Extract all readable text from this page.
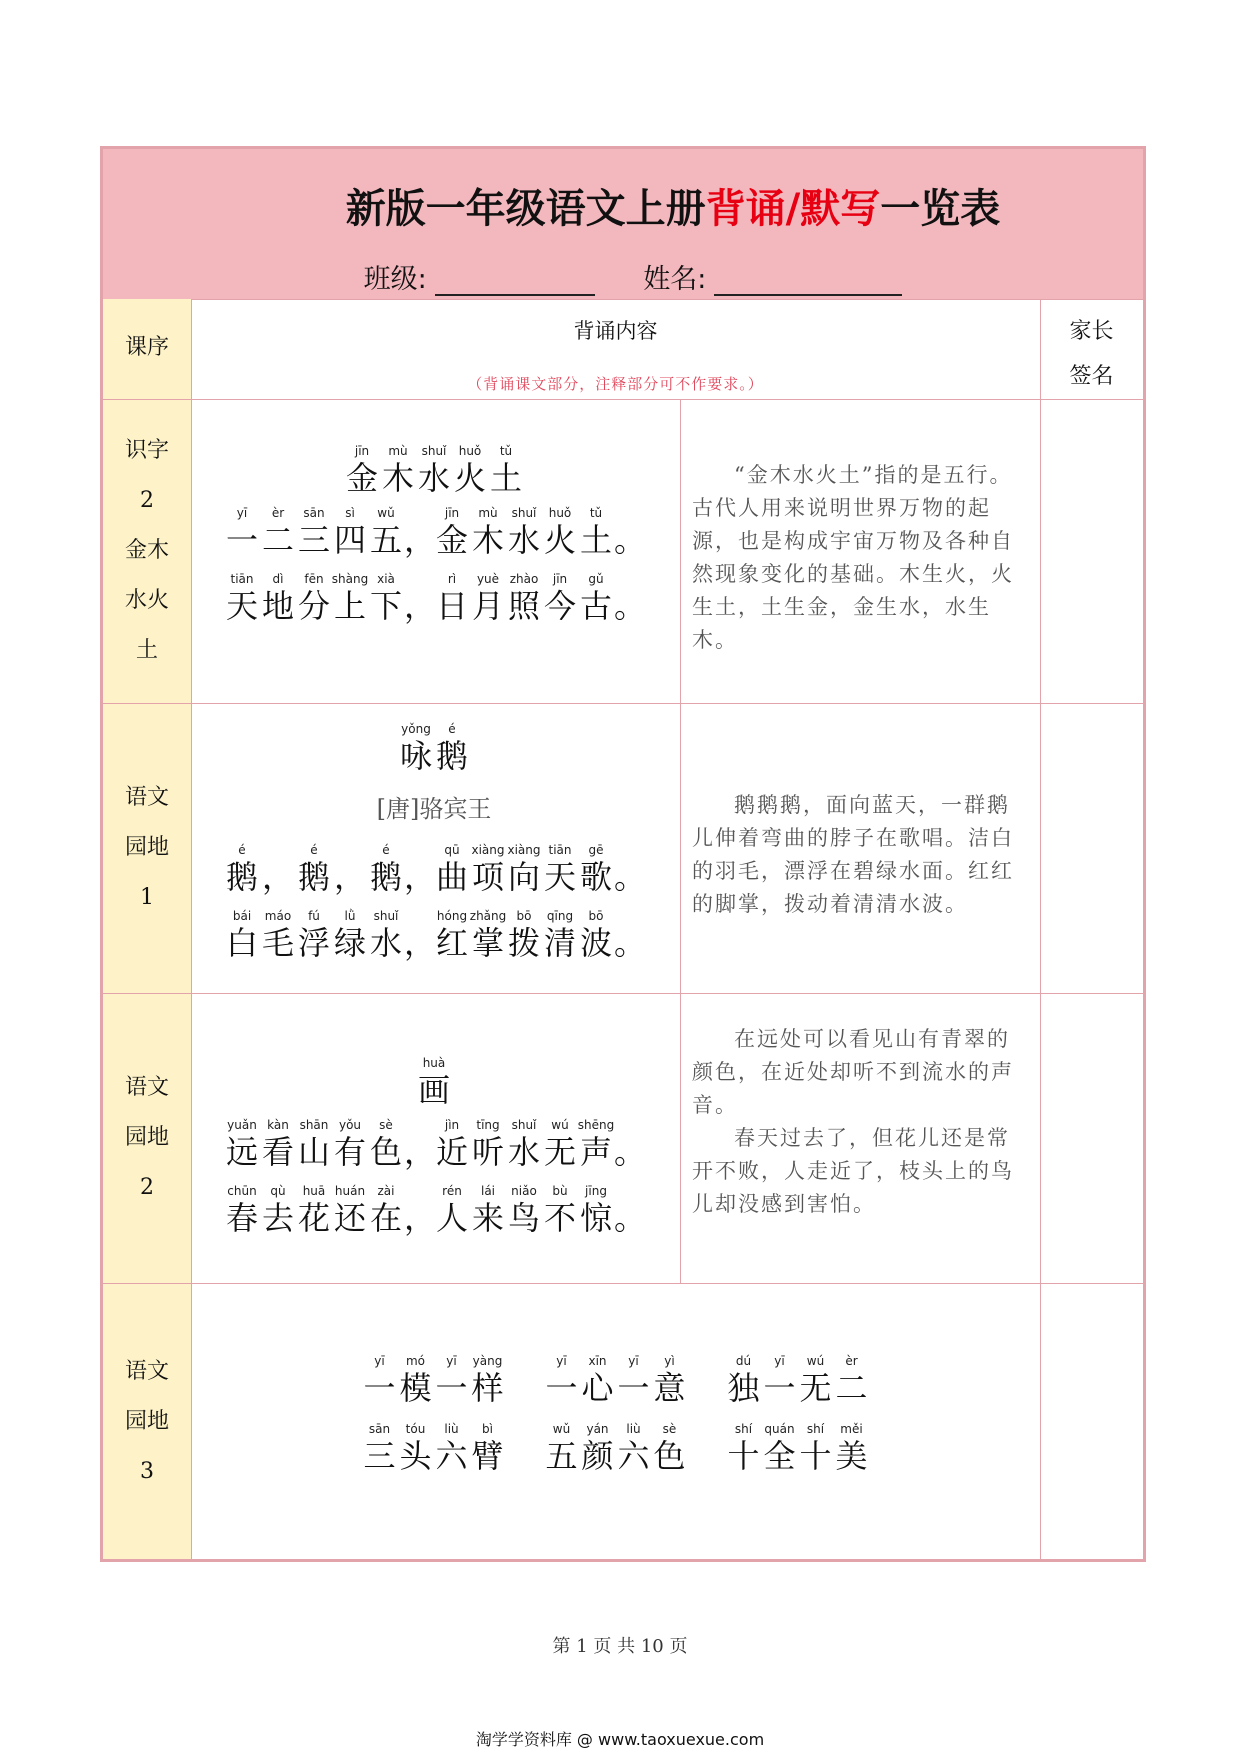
新版一年级语文上册背诵/默写一览表
班级:	姓名:
课序
背诵内容
（背诵课文部分，注释部分可不作要求。）
家长
签名
识字
2
金木
水火
土
jīn
金
mù
木
shuǐ
水
huǒ
火
tǔ
土
yī
一
èr
二
sān
三
sì
四
wǔ
五 ，
jīn
金
mù
木
shuǐ
水
huǒ
火
tǔ
土 。
tiān
天
dì
地
fēn
分
shàng
上
xià
下 ，
rì
日
yuè
月
zhào
照
jīn
今
gǔ
古 。

“金木水火土”指的是五行。古代人用来说明世界万物的起源，也是构成宇宙万物及各种自然现象变化的基础。木生火，火生土，土生金，金生水，水生木。

语文
园地
1
yǒng
咏
é
鹅
[唐]骆宾王
é
鹅 ，
é
鹅 ，
é
鹅 ，
qū
曲
xiàng
项
xiàng
向
tiān
天
gē
歌 。
bái
白
máo
毛
fú
浮
lǜ
绿
shuǐ
水 ，
hóng
红
zhǎng
掌
bō
拨
qīng
清
bō
波 。

鹅鹅鹅，面向蓝天，一群鹅儿伸着弯曲的脖子在歌唱。洁白的羽毛，漂浮在碧绿水面。红红的脚掌，拨动着清清水波。

语文
园地
2
huà
画
yuǎn
远
kàn
看
shān
山
yǒu
有
sè
色 ，
jìn
近
tīng
听
shuǐ
水
wú
无
shēng
声 。
chūn
春
qù
去
huā
花
huán
还
zài
在 ，
rén
人
lái
来
niǎo
鸟
bù
不
jīng
惊 。

在远处可以看见山有青翠的颜色，在近处却听不到流水的声音。

春天过去了，但花儿还是常开不败，人走近了，枝头上的鸟儿却没感到害怕。

语文
园地
3
yī
一
mó
模
yī
一
yàng
样
yī
一
xīn
心
yī
一
yì
意
dú
独
yī
一
wú
无
èr
二
sān
三
tóu
头
liù
六
bì
臂
wǔ
五
yán
颜
liù
六
sè
色
shí
十
quán
全
shí
十
měi
美
第 1 页 共 10 页
淘学学资料库 @ www.taoxuexue.com
